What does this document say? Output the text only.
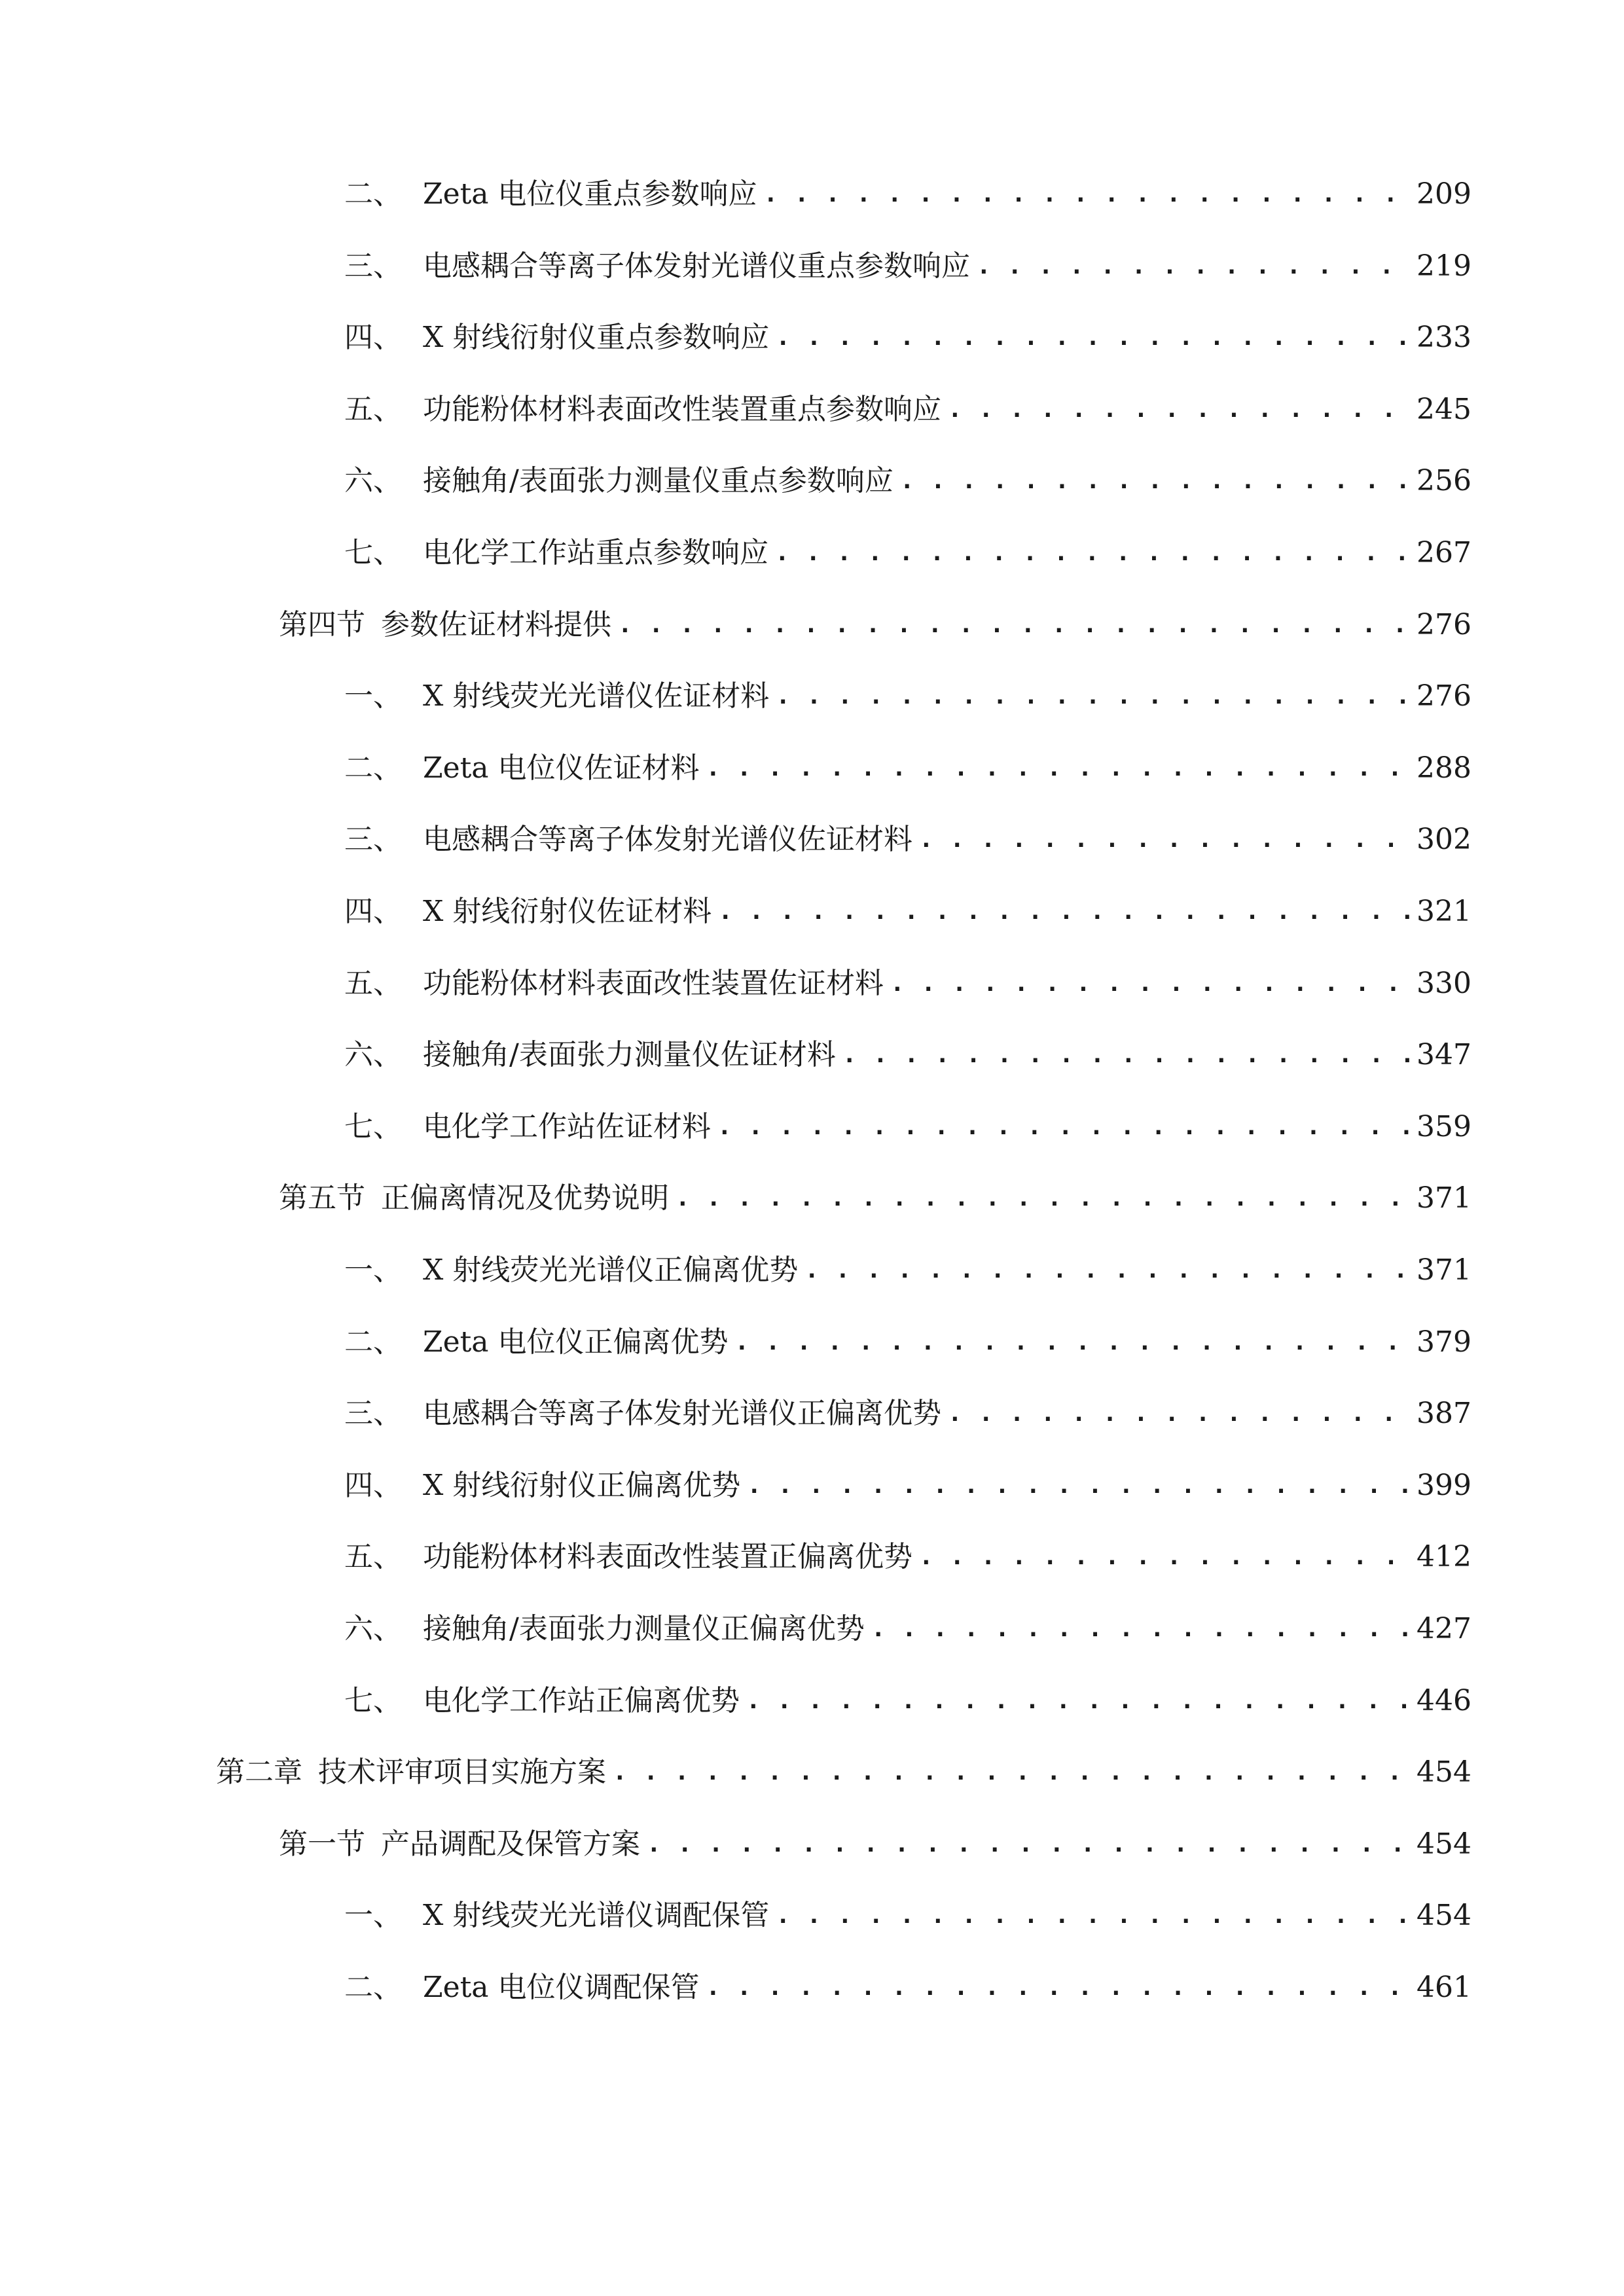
二、 Zeta 电位仪重点参数响应 . . .	209
三、 电感耦合等离子体发射光谱仪重点参数响应 . . .	219
四、 X 射线衍射仪重点参数响应 . . .	233
五、 功能粉体材料表面改性装置重点参数响应 . . .	245
六、 接触角/表面张力测量仪重点参数响应 . . .	256
七、 电化学工作站重点参数响应 . . .	267
第四节 参数佐证材料提供 . . .	276
一、 X 射线荧光光谱仪佐证材料 . . .	276
二、 Zeta 电位仪佐证材料 . . .	288
三、 电感耦合等离子体发射光谱仪佐证材料 . . .	302
四、 X 射线衍射仪佐证材料 . . .	321
五、 功能粉体材料表面改性装置佐证材料 . . .	330
六、 接触角/表面张力测量仪佐证材料 . . .	347
七、 电化学工作站佐证材料 . . .	359
第五节 正偏离情况及优势说明 . . .	371
一、 X 射线荧光光谱仪正偏离优势 . . .	371
二、 Zeta 电位仪正偏离优势 . . .	379
三、 电感耦合等离子体发射光谱仪正偏离优势 . . .	387
四、 X 射线衍射仪正偏离优势 . . .	399
五、 功能粉体材料表面改性装置正偏离优势 . . .	412
六、 接触角/表面张力测量仪正偏离优势 . . .	427
七、 电化学工作站正偏离优势 . . .	446
第二章 技术评审项目实施方案 . . .	454
第一节 产品调配及保管方案 . . .	454
一、 X 射线荧光光谱仪调配保管 . . .	454
二、 Zeta 电位仪调配保管 . . .	461
